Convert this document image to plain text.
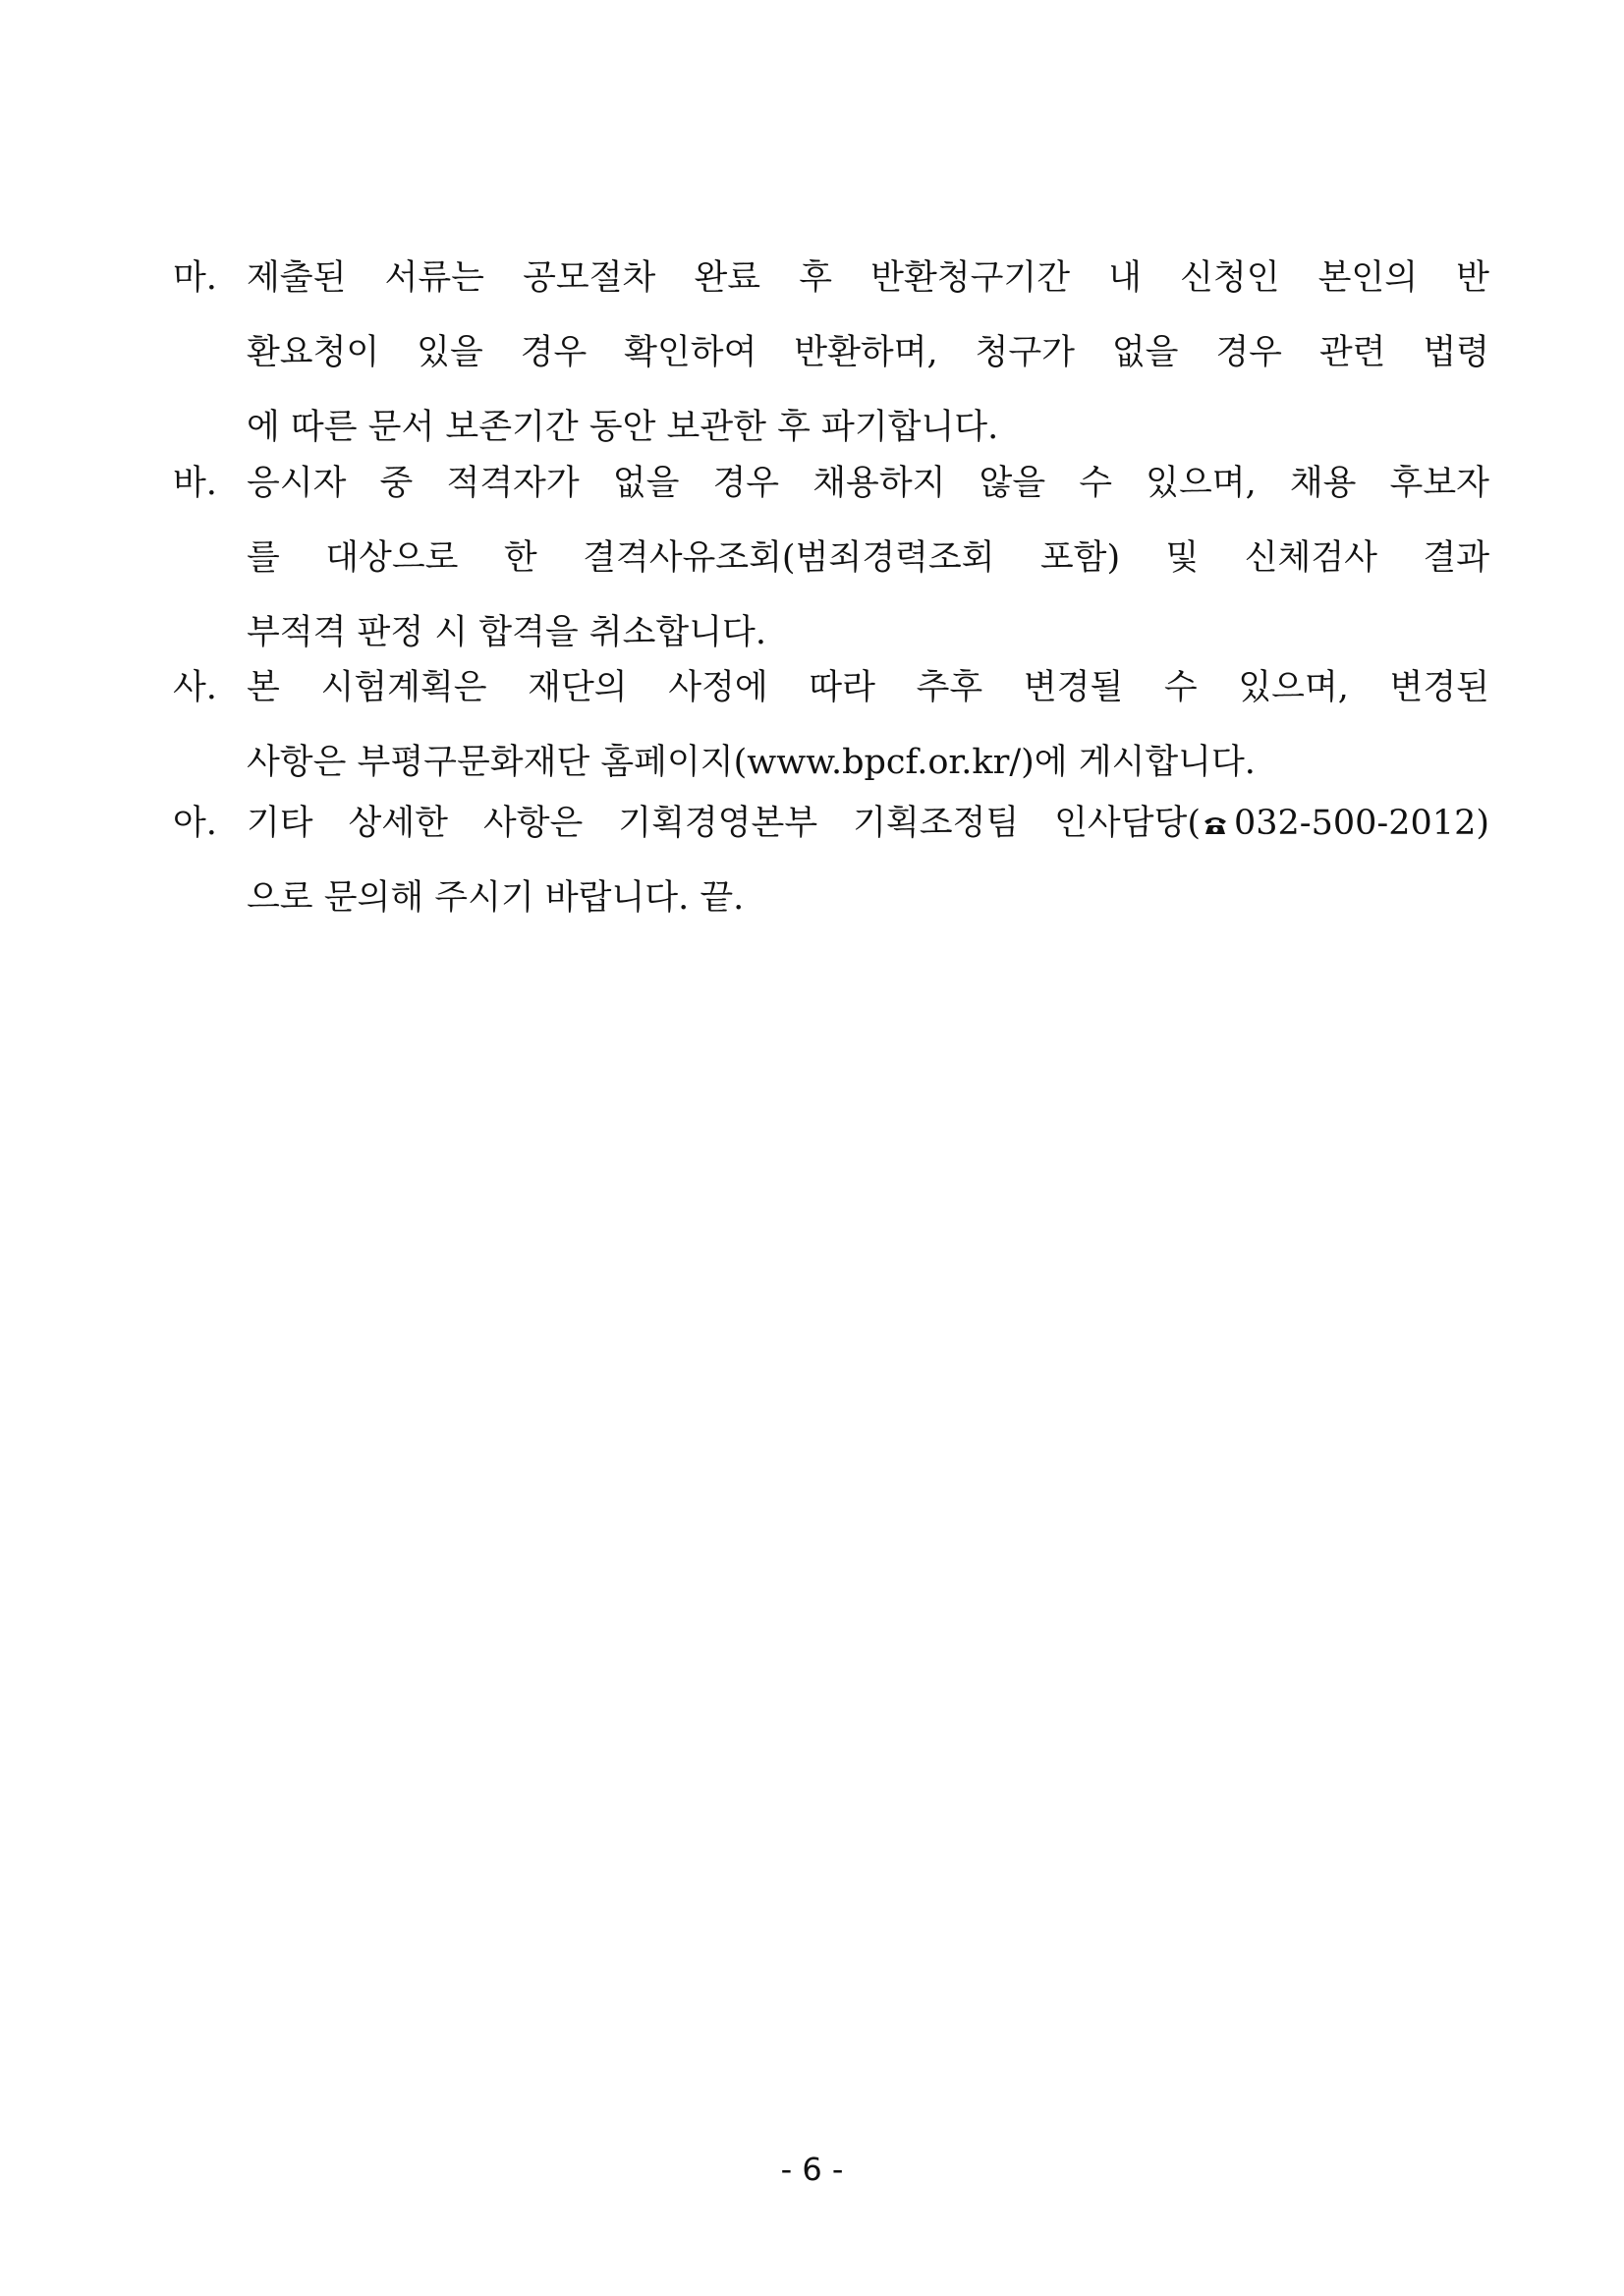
마. 제출된 서류는 공모절차 완료 후 반환청구기간 내 신청인 본인의 반
환요청이 있을 경우 확인하여 반환하며, 청구가 없을 경우 관련 법령
에 따른 문서 보존기간 동안 보관한 후 파기합니다.
바. 응시자 중 적격자가 없을 경우 채용하지 않을 수 있으며, 채용 후보자
를 대상으로 한 결격사유조회(범죄경력조회 포함) 및 신체검사 결과
부적격 판정 시 합격을 취소합니다.
사. 본 시험계획은 재단의 사정에 따라 추후 변경될 수 있으며, 변경된
사항은 부평구문화재단 홈페이지(www.bpcf.or.kr/)에 게시합니다.
아. 기타 상세한 사항은 기획경영본부 기획조정팀 인사담당( 032-500-2012)
으로 문의해 주시기 바랍니다. 끝.
- 6 -
